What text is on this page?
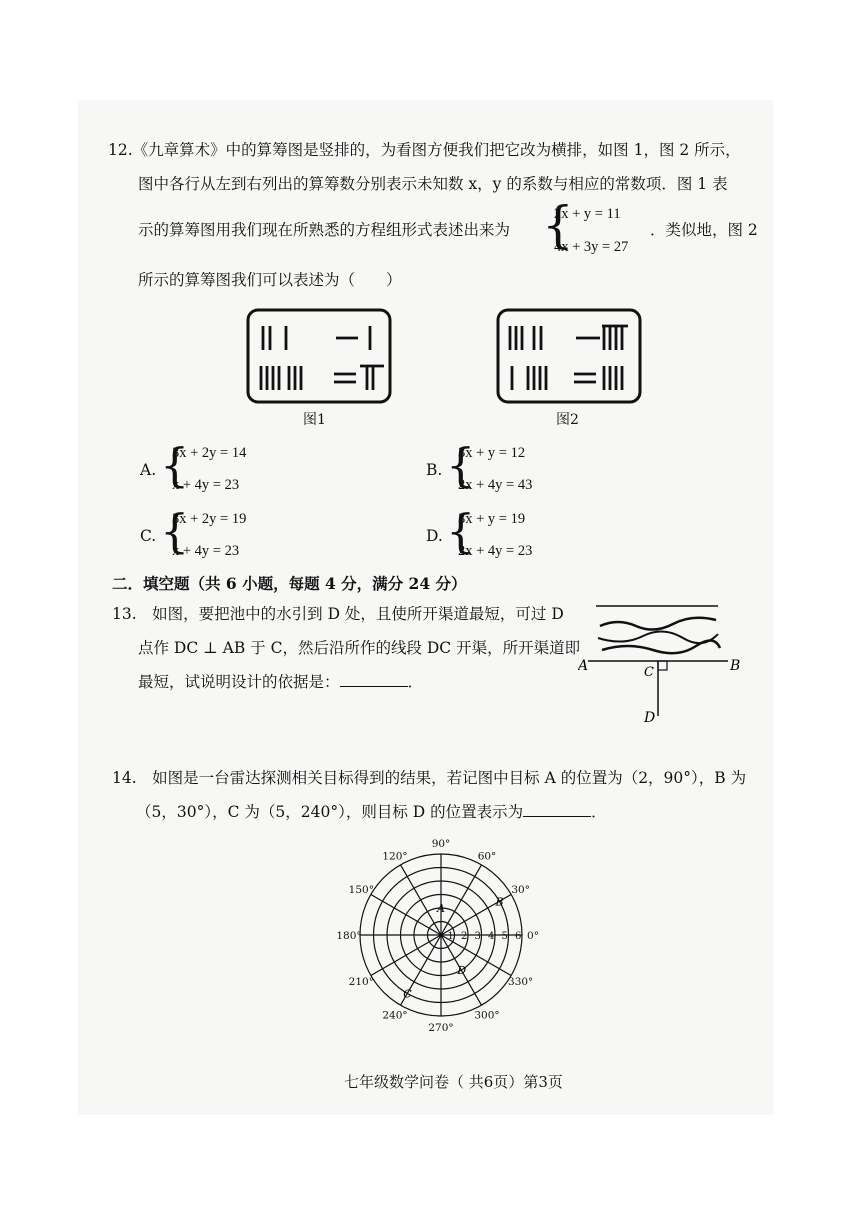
12.《九章算术》中的算筹图是竖排的，为看图方便我们把它改为横排，如图 1，图 2 所示，
图中各行从左到右列出的算筹数分别表示未知数 x，y 的系数与相应的常数项．图 1 表
示的算筹图用我们现在所熟悉的方程组形式表述出来为 {
2x + y = 11
4x + 3y = 27
．类似地，图 2
所示的算筹图我们可以表述为（　　）
图1	图2
A. {
3x + 2y = 14
x + 4y = 23
B. {
3x + y = 12
2x + 4y = 43
C. {
3x + 2y = 19
x + 4y = 23
D. {
3x + y = 19
2x + 4y = 23
二．填空题（共 6 小题，每题 4 分，满分 24 分）
13.　如图，要把池中的水引到 D 处，且使所开渠道最短，可过 D
点作 DC ⊥ AB 于 C，然后沿所作的线段 DC 开渠，所开渠道即
最短，试说明设计的依据是：	．
A	B
C
D
14.　如图是一台雷达探测相关目标得到的结果，若记图中目标 A 的位置为（2，90°），B 为
（5，30°），C 为（5，240°），则目标 D 的位置表示为	．
0°
30°
60°
90°
120°
150°
180°
210°
240°
270°
300°
330°
1 2 3 4 5 6
A
B
C
D
七年级数学问卷（ 共6页）第3页
